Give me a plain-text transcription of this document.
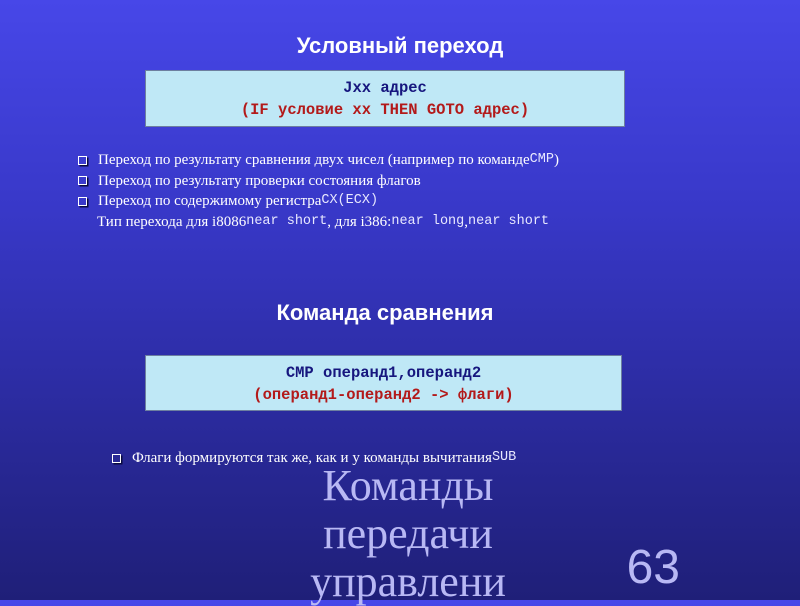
Условный переход
Jxx адрес
(IF условие xx THEN GOTO адрес)
Переход по результату сравнения двух чисел (например по команде CMP )
Переход по результату проверки состояния флагов
Переход по содержимому регистра CX(ECX)
Тип перехода для i8086 near short , для i386: near long , near short
Команда сравнения
CMP операнд1,операнд2
(операнд1-операнд2 -> флаги)
Флаги формируются так же, как и у команды вычитания SUB
Команды
передачи
управлени	63
